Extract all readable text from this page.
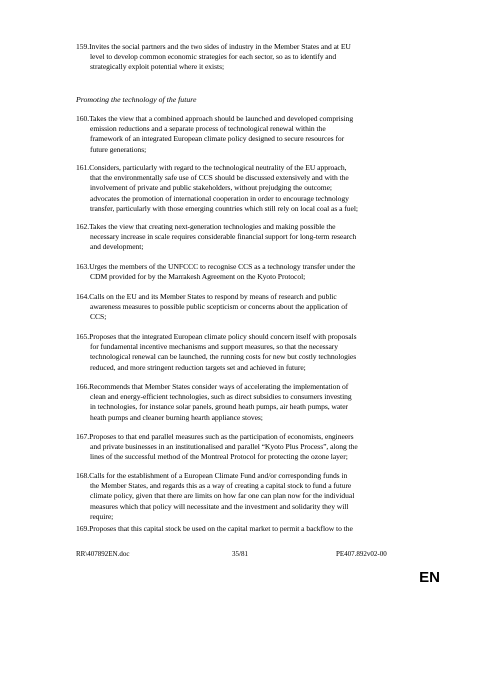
159.Invites the social partners and the two sides of industry in the Member States and at EU
level to develop common economic strategies for each sector, so as to identify and
strategically exploit potential where it exists;
160.Takes the view that a combined approach should be launched and developed comprising
emission reductions and a separate process of technological renewal within the
framework of an integrated European climate policy designed to secure resources for
future generations;
161.Considers, particularly with regard to the technological neutrality of the EU approach,
that the environmentally safe use of CCS should be discussed extensively and with the
involvement of private and public stakeholders, without prejudging the outcome;
advocates the promotion of international cooperation in order to encourage technology
transfer, particularly with those emerging countries which still rely on local coal as a fuel;
162.Takes the view that creating next-generation technologies and making possible the
necessary increase in scale requires considerable financial support for long-term research
and development;
163.Urges the members of the UNFCCC to recognise CCS as a technology transfer under the
CDM provided for by the Marrakesh Agreement on the Kyoto Protocol;
164.Calls on the EU and its Member States to respond by means of research and public
awareness measures to possible public scepticism or concerns about the application of
CCS;
165.Proposes that the integrated European climate policy should concern itself with proposals
for fundamental incentive mechanisms and support measures, so that the necessary
technological renewal can be launched, the running costs for new but costly technologies
reduced, and more stringent reduction targets set and achieved in future;
166.Recommends that Member States consider ways of accelerating the implementation of
clean and energy-efficient technologies, such as direct subsidies to consumers investing
in technologies, for instance solar panels, ground heath pumps, air heath pumps, water
heath pumps and cleaner burning hearth appliance stoves;
167.Proposes to that end parallel measures such as the participation of economists, engineers
and private businesses in an institutionalised and parallel “Kyoto Plus Process”, along the
lines of the successful method of the Montreal Protocol for protecting the ozone layer;
168.Calls for the establishment of a European Climate Fund and/or corresponding funds in
the Member States, and regards this as a way of creating a capital stock to fund a future
climate policy, given that there are limits on how far one can plan now for the individual
measures which that policy will necessitate and the investment and solidarity they will
require;
169.Proposes that this capital stock be used on the capital market to permit a backflow to the
Promoting the technology of the future
RR\407892EN.doc	35/81	PE407.892v02-00
EN
